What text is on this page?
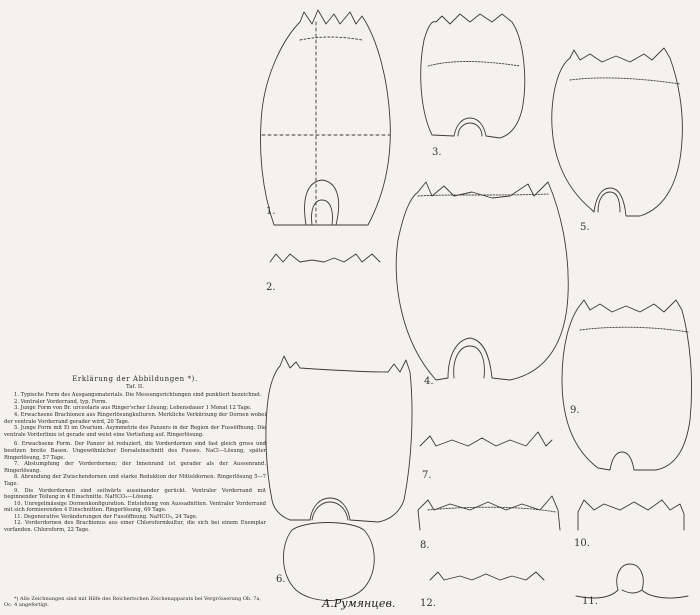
1.
2.
3.
4.
5.
6.
7.
8.
9.
10.
11.
12.
А.Румянцев.
Erklärung der Abbildungen *).
Taf. II.

1. Typische Form des Ausgangsmaterials. Die Messungsrichtungen sind punktiert bezeichnet.

2. Ventraler Vorderrand, typ. Form.

3. Junge Form von Br. urceolaris aus Ringer'scher Lösung; Lebensdauer 1 Monat 12 Tage.

4. Erwachsene Brachionen aus Ringerlösungkulturen. Merkliche Verkürzung der Dornen wobei der ventrale Vorderrand gerader wird, 20 Tage.

5. Junge Form mit Ei im Ovarium. Asymmetrie des Panzers in der Region der Fussöffnung. Die ventrale Vorderlinie ist gerade und weist eine Vertiefung auf. Ringerlösung.

6. Erwachsene Form. Der Panzer ist reduziert, die Vorderdornen sind fast gleich gross und besitzen breite Basen. Ungewöhnlicher Dorsaleinschnitt des Fusses. NaCl—Lösung, später Ringerlösung, 57 Tage.

7. Abstumpfung der Vorderdornen; der Innenrand ist gerader als der Aussenrand. Ringerlösung.

8. Abrundung der Zwischendornen und starke Reduktion der Mitteldornen. Ringerlösung 5—7 Tage.

9. Die Vorderdornen sind seitwärts auseinander gerückt. Ventraler Vorderrand mit beginnender Teilung in 4 Einschnitte. NaHCO₃—Lösung.

10. Unregelmässige Dornenkonfiguration. Entstehung von Aussadnitten. Ventraler Vorderrand mit sich formierenden 4 Einschnitten. Ringerlösung, 69 Tage.

11. Degenerative Veränderungen der Fussöffnung. NaHCO₃, 24 Tage.

12. Vorderdornen des Brachionus aus einer Chloroformkultur, die sich bei einem Exemplar vorfanden. Chloroform, 22 Tage.

*) Alle Zeichnungen sind mit Hilfe des Reichertschen Zeichenapparats bei Vergrösserung Ob. 7a, Oc. 4 angefertigt.
